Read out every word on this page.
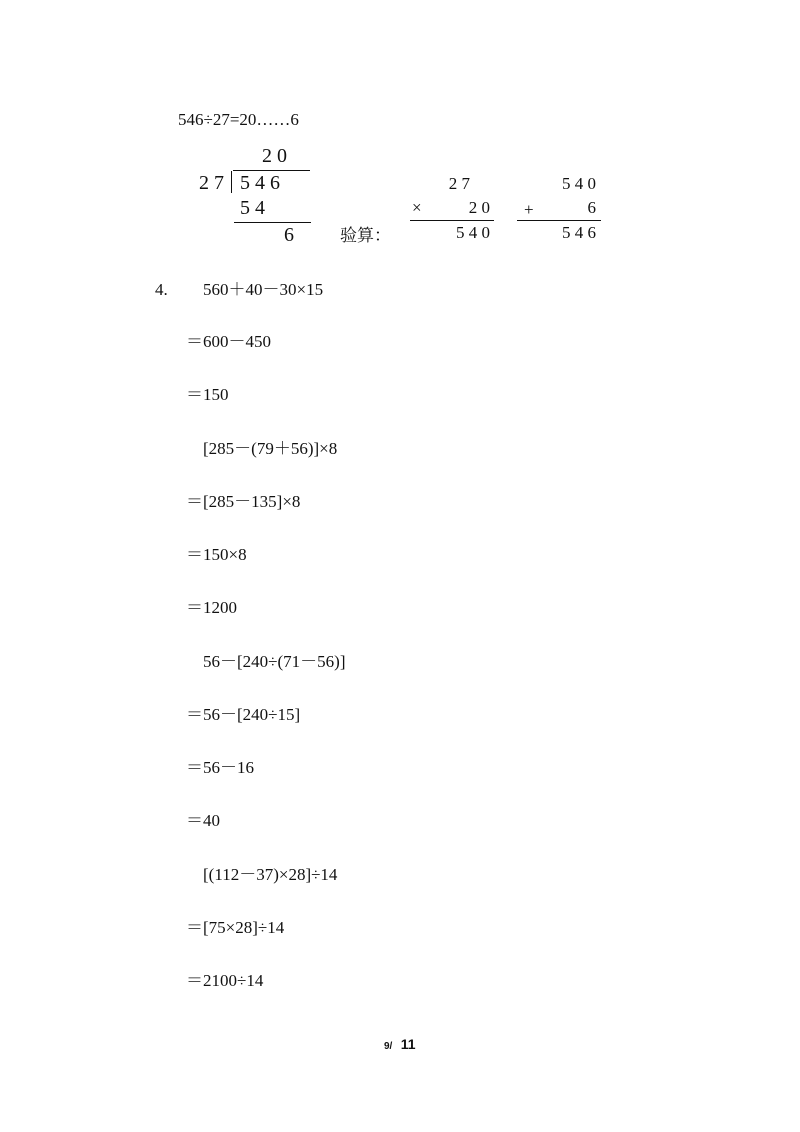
546÷27=20……6
2 0
2 7 5 4 6
5 4
6	验算：
2 7
×	2 0
5 4 0
5 4 0
+	6
5 4 6
4. 560＋40－30×15
＝600－450
＝150
[285－(79＋56)]×8
＝[285－135]×8
＝150×8
＝1200
56－[240÷(71－56)]
＝56－[240÷15]
＝56－16
＝40
[(112－37)×28]÷14
＝[75×28]÷14
＝2100÷14
9/ 11
